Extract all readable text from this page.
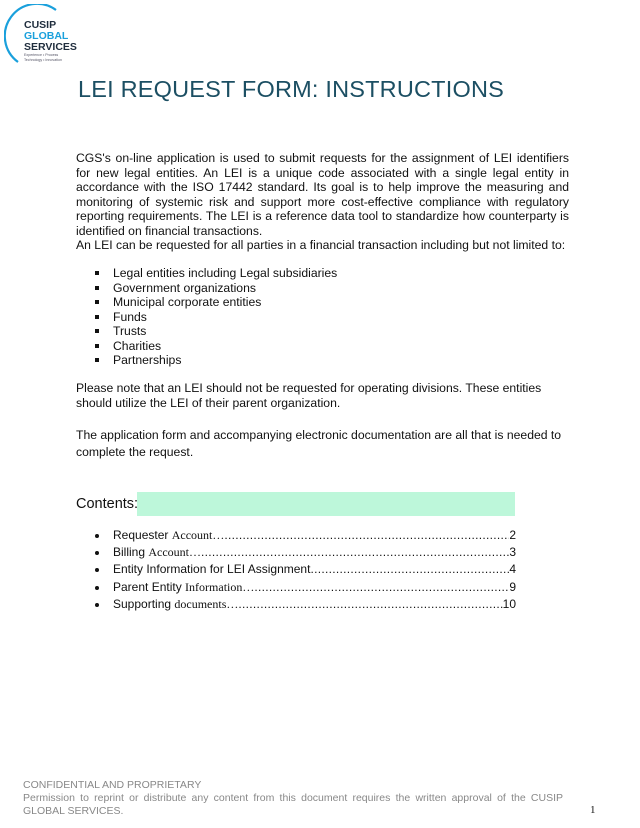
CUSIP
GLOBAL
SERVICES
Experience • Process
Technology • Innovation
LEI REQUEST FORM: INSTRUCTIONS
CGS's on-line application is used to submit requests for the assignment of LEI identifiers for new legal entities. An LEI is a unique code associated with a single legal entity in accordance with the ISO 17442 standard. Its goal is to help improve the measuring and monitoring of systemic risk and support more cost-effective compliance with regulatory reporting requirements. The LEI is a reference data tool to standardize how counterparty is identified on financial transactions.
An LEI can be requested for all parties in a financial transaction including but not limited to:
Legal entities including Legal subsidiaries
Government organizations
Municipal corporate entities
Funds
Trusts
Charities
Partnerships
Please note that an LEI should not be requested for operating divisions. These entities should utilize the LEI of their parent organization.
The application form and accompanying electronic documentation are all that is needed to complete the request.
Contents:
Requester Account… .....	2
Billing Account… .....	3
Entity Information for LEI Assignment .....	4
Parent Entity Information… .....	9
Supporting documents… .....	10
CONFIDENTIAL AND PROPRIETARY
Permission to reprint or distribute any content from this document requires the written approval of the CUSIP GLOBAL SERVICES.	1
